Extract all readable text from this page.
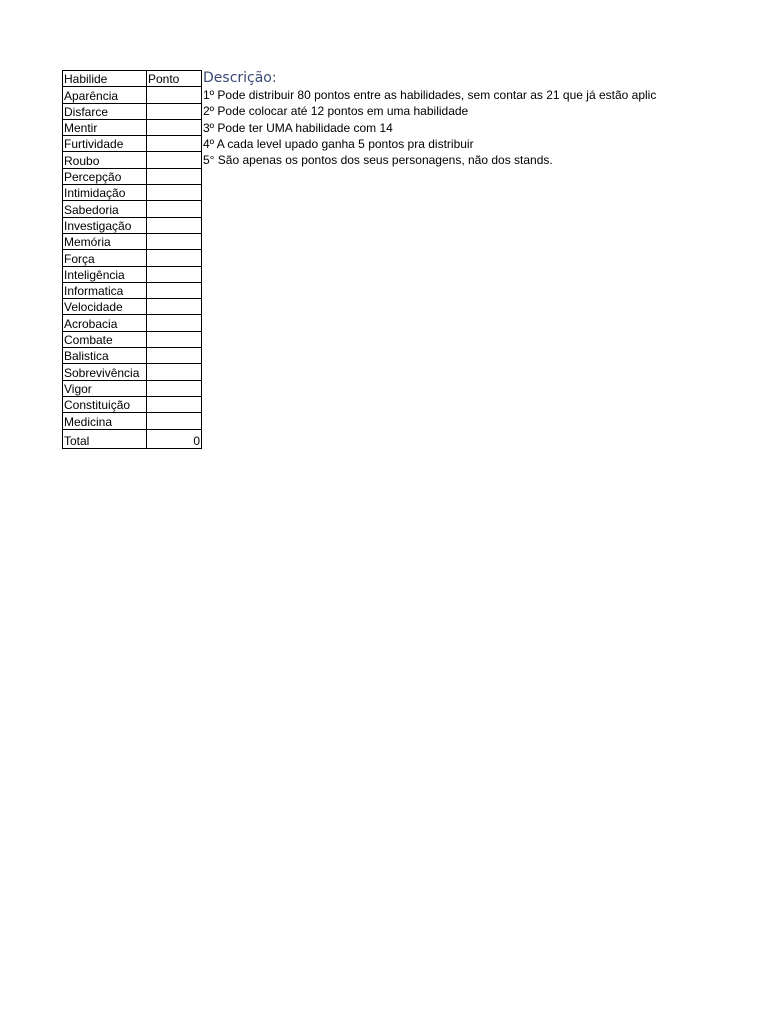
Habilide	Ponto
Aparência	
Disfarce	
Mentir	
Furtividade	
Roubo	
Percepção	
Intimidação	
Sabedoria	
Investigação	
Memória	
Força	
Inteligência	
Informatica	
Velocidade	
Acrobacia	
Combate	
Balistica	
Sobrevivência	
Vigor	
Constituição	
Medicina	
Total	0
Descrição:
1º Pode distribuir 80 pontos entre as habilidades, sem contar as 21 que já estão aplic
2º Pode colocar até 12 pontos em uma habilidade
3º Pode ter UMA habilidade com 14
4º A cada level upado ganha 5 pontos pra distribuir
5° São apenas os pontos dos seus personagens, não dos stands.
